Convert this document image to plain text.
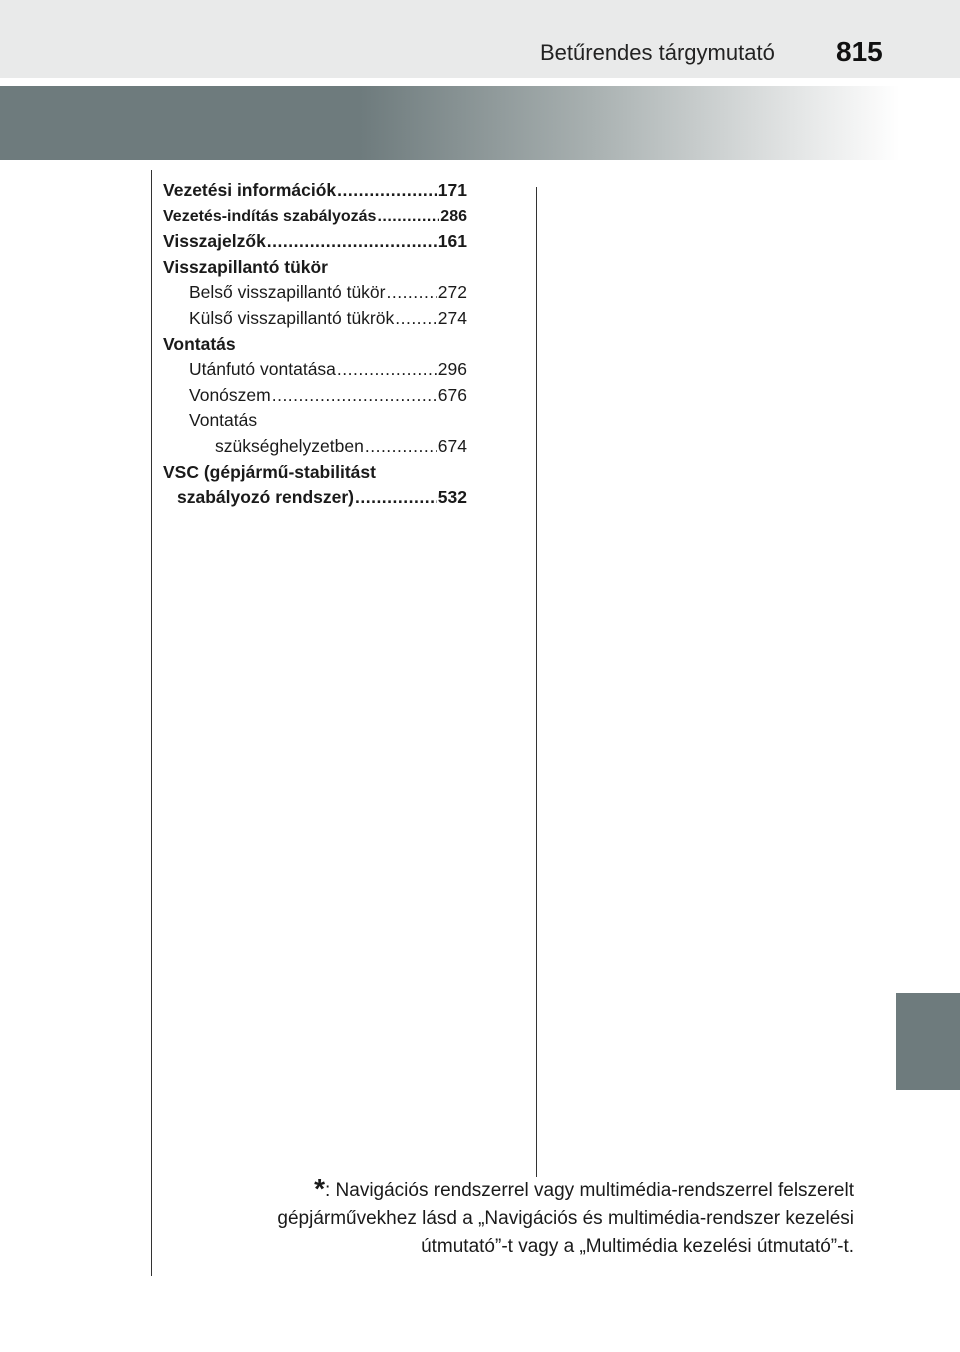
Betűrendes tárgymutató 815
Vezetési információk .....	171
Vezetés-indítás szabályozás .....	286
Visszajelzők .....	161
Visszapillantó tükör
Belső visszapillantó tükör .....	272
Külső visszapillantó tükrök ..... 274
Vontatás
Utánfutó vontatása .....	296
Vonószem .....	676
Vontatás
szükséghelyzetben .....	674
VSC (gépjármű-stabilitást
szabályozó rendszer) .....	532
*: Navigációs rendszerrel vagy multimédia-rendszerrel felszerelt
gépjárművekhez lásd a „Navigációs és multimédia-rendszer kezelési
útmutató”-t vagy a „Multimédia kezelési útmutató”-t.
